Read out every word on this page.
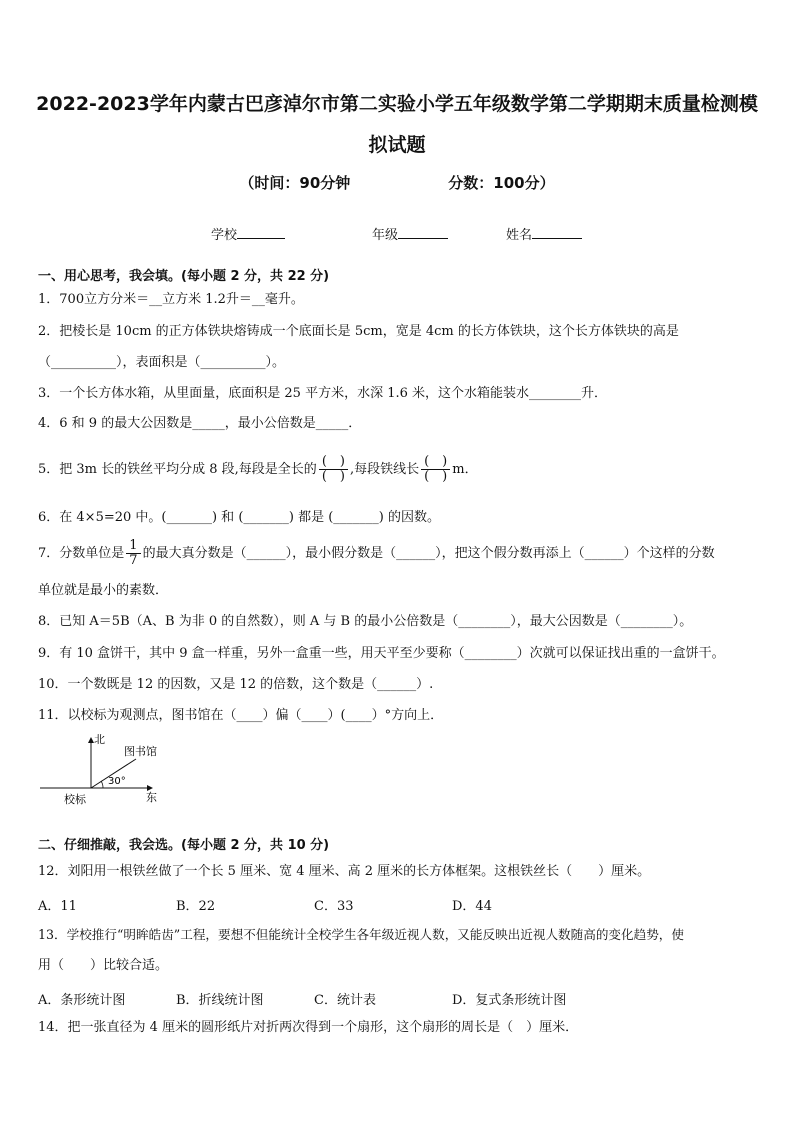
2022-2023学年内蒙古巴彦淖尔市第二实验小学五年级数学第二学期期末质量检测模
拟试题
（时间：90分钟	分数：100分）
学校	年级	姓名
一、用心思考，我会填。(每小题 2 分，共 22 分)
1．700立方分米＝__立方米 1.2升＝__毫升。
2．把棱长是 10cm 的正方体铁块熔铸成一个底面长是 5cm，宽是 4cm 的长方体铁块，这个长方体铁块的高是
（__________），表面积是（__________）。
3．一个长方体水箱，从里面量，底面积是 25 平方米，水深 1.6 米，这个水箱能装水________升．
4．6 和 9 的最大公因数是_____，最小公倍数是_____．
5．把 3m 长的铁丝平均分成 8 段,每段是全长的 $\frac{( )}{( )}$ ,每段铁线长 $\frac{( )}{( )}$ m．
6．在 4×5=20 中。(_______) 和 (_______) 都是 (_______) 的因数。
7．分数单位是 $\frac{1}{7}$ 的最大真分数是（______），最小假分数是（______），把这个假分数再添上（______）个这样的分数
单位就是最小的素数．
8．已知 A＝5B（A、B 为非 0 的自然数），则 A 与 B 的最小公倍数是（________），最大公因数是（________）。
9．有 10 盒饼干，其中 9 盒一样重，另外一盒重一些，用天平至少要称（________）次就可以保证找出重的一盒饼干。
10．一个数既是 12 的因数，又是 12 的倍数，这个数是（______）.
11．以校标为观测点，图书馆在（____）偏（____）(____）°方向上．
北
东
校标
图书馆
30°
二、仔细推敲，我会选。(每小题 2 分，共 10 分)
12．刘阳用一根铁丝做了一个长 5 厘米、宽 4 厘米、高 2 厘米的长方体框架。这根铁丝长（　　）厘米。
A．11	B．22	C．33	D．44
13．学校推行“明眸皓齿”工程，要想不但能统计全校学生各年级近视人数，又能反映出近视人数随高的变化趋势，使
用（　　）比较合适。
A．条形统计图	B．折线统计图	C．统计表	D．复式条形统计图
14．把一张直径为 4 厘米的圆形纸片对折两次得到一个扇形，这个扇形的周长是（　）厘米．
